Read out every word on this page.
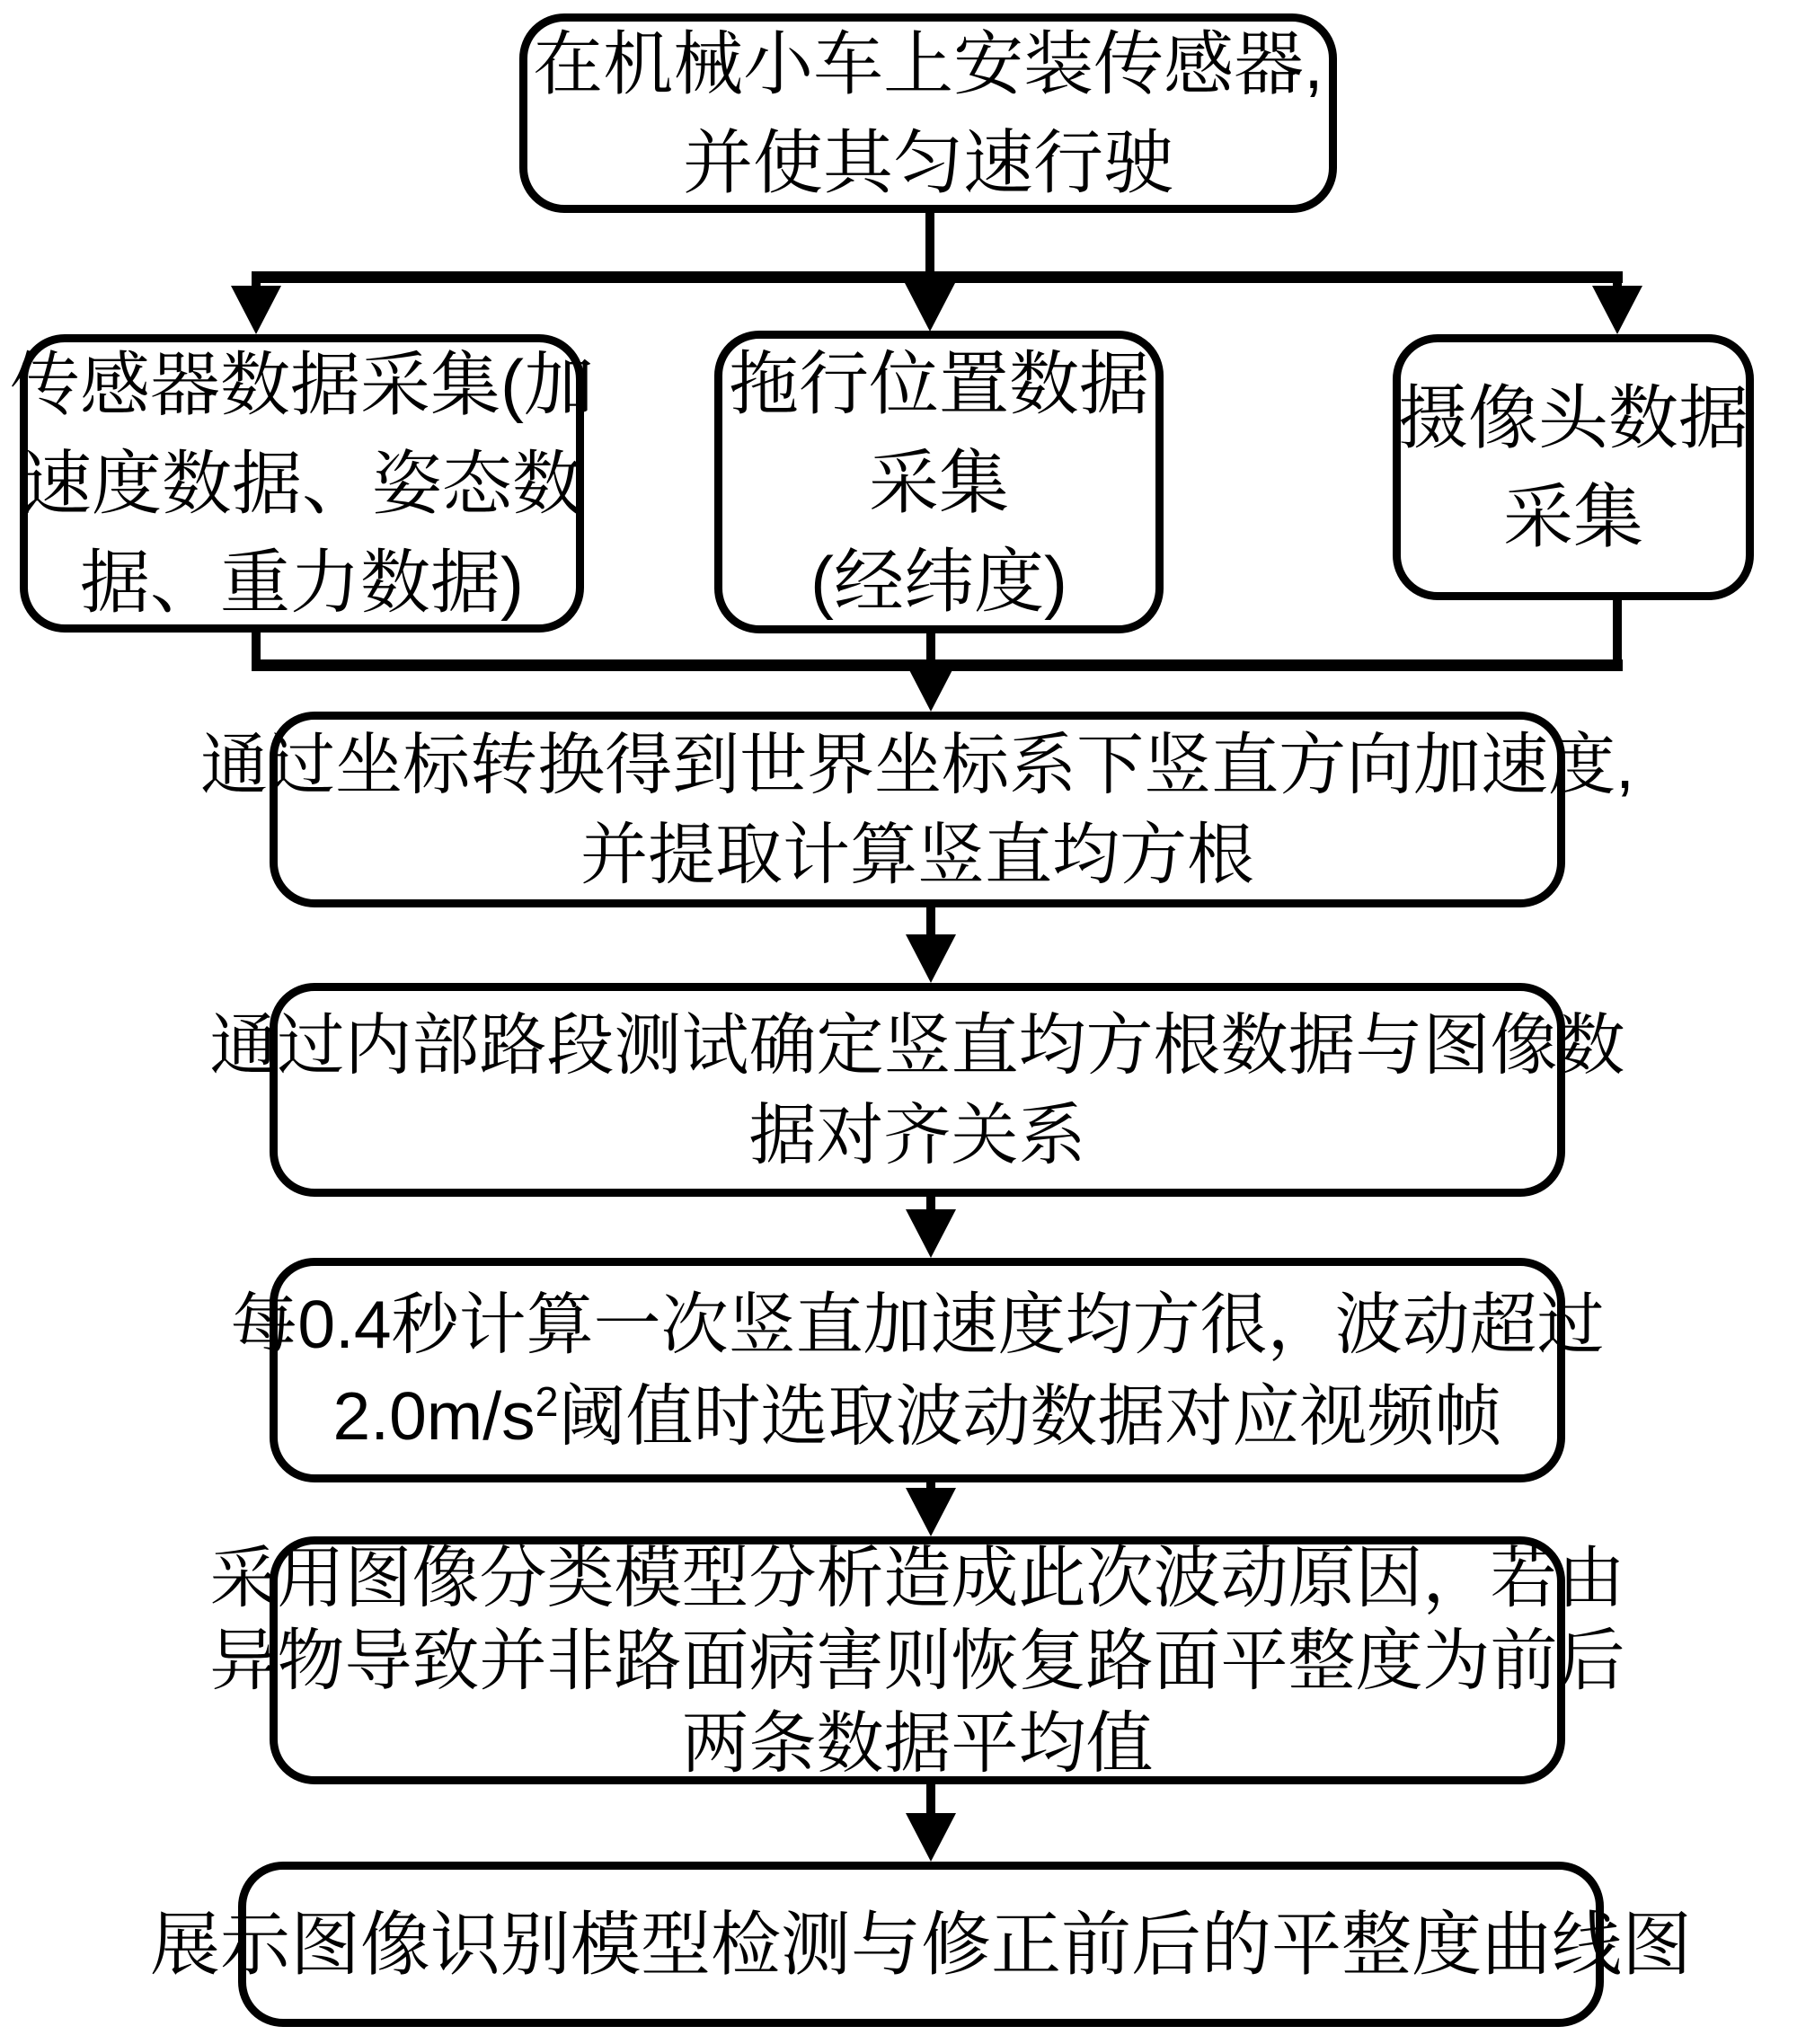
在机械小车上安装传感器,
并使其匀速行驶
传感器数据采集(加
速度数据、姿态数
据、重力数据)
拖行位置数据
采集
(经纬度)
摄像头数据
采集
通过坐标转换得到世界坐标系下竖直方向加速度,
并提取计算竖直均方根
通过内部路段测试确定竖直均方根数据与图像数
据对齐关系
每0.4秒计算一次竖直加速度均方很，波动超过
$2.0m/s^2$阈值时选取波动数据对应视频帧
采用图像分类模型分析造成此次波动原因，若由
异物导致并非路面病害则恢复路面平整度为前后
两条数据平均值
展示图像识别模型检测与修正前后的平整度曲线图
